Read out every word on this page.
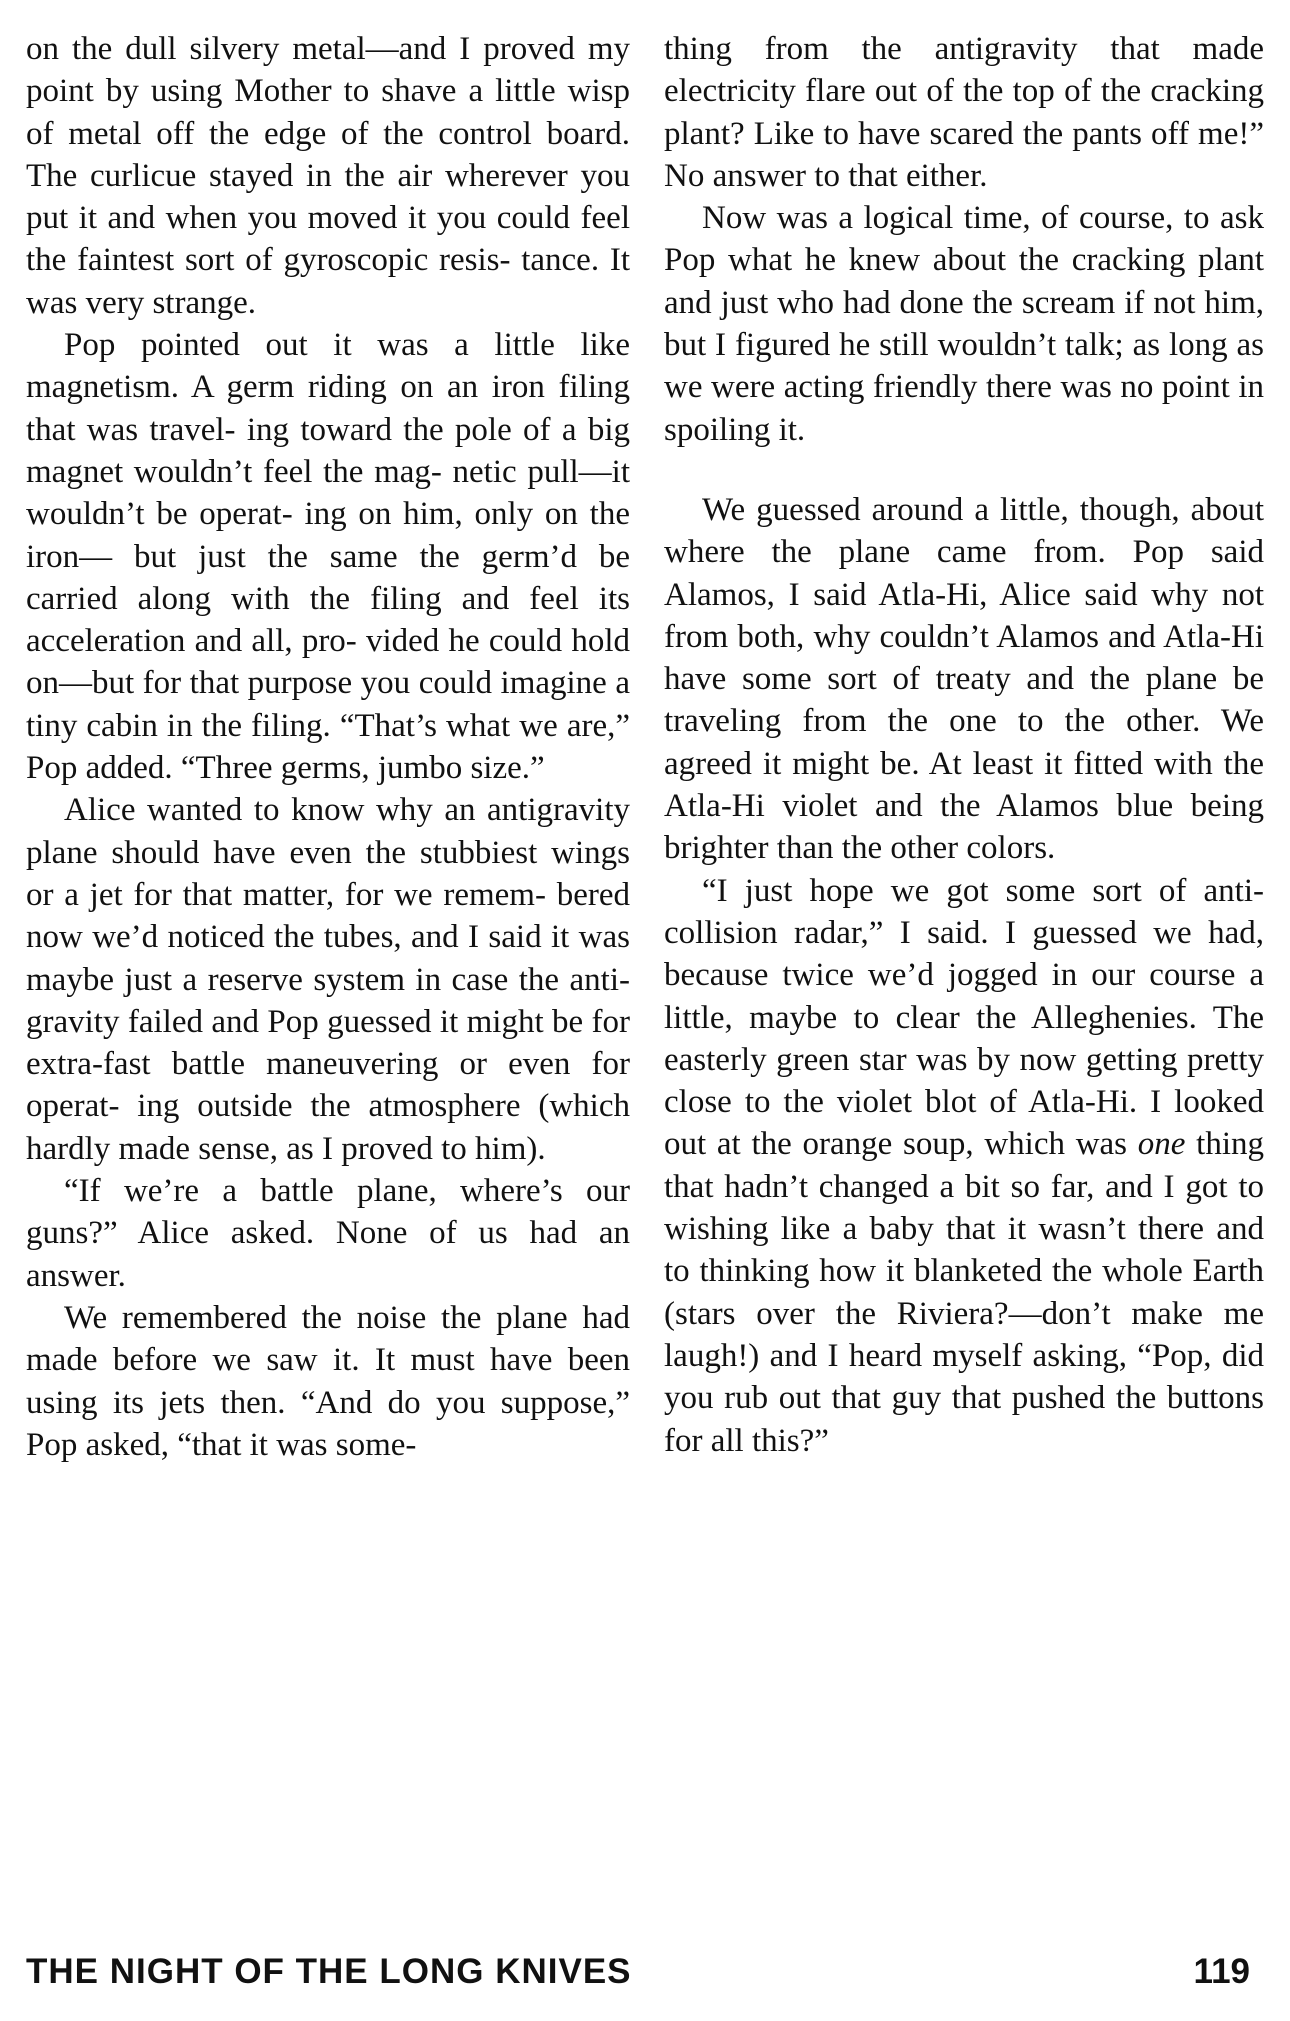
on the dull silvery metal—and I proved my point by using Mother to shave a little wisp of metal off the edge of the control board. The curlicue stayed in the air wherever you put it and when you moved it you could feel the faintest sort of gyroscopic resis- tance. It was very strange.

Pop pointed out it was a little like magnetism. A germ riding on an iron filing that was travel- ing toward the pole of a big magnet wouldn’t feel the mag- netic pull—it wouldn’t be operat- ing on him, only on the iron— but just the same the germ’d be carried along with the filing and feel its acceleration and all, pro- vided he could hold on—but for that purpose you could imagine a tiny cabin in the filing. “That’s what we are,” Pop added. “Three germs, jumbo size.”

Alice wanted to know why an antigravity plane should have even the stubbiest wings or a jet for that matter, for we remem- bered now we’d noticed the tubes, and I said it was maybe just a reserve system in case the anti- gravity failed and Pop guessed it might be for extra-fast battle maneuvering or even for operat- ing outside the atmosphere (which hardly made sense, as I proved to him).

“If we’re a battle plane, where’s our guns?” Alice asked. None of us had an answer.

We remembered the noise the plane had made before we saw it. It must have been using its jets then. “And do you suppose,” Pop asked, “that it was some-

thing from the antigravity that made electricity flare out of the top of the cracking plant? Like to have scared the pants off me!” No answer to that either.

Now was a logical time, of course, to ask Pop what he knew about the cracking plant and just who had done the scream if not him, but I figured he still wouldn’t talk; as long as we were acting friendly there was no point in spoiling it.

We guessed around a little, though, about where the plane came from. Pop said Alamos, I said Atla-Hi, Alice said why not from both, why couldn’t Alamos and Atla-Hi have some sort of treaty and the plane be traveling from the one to the other. We agreed it might be. At least it fitted with the Atla-Hi violet and the Alamos blue being brighter than the other colors.

“I just hope we got some sort of anti-collision radar,” I said. I guessed we had, because twice we’d jogged in our course a little, maybe to clear the Alleghenies. The easterly green star was by now getting pretty close to the violet blot of Atla-Hi. I looked out at the orange soup, which was one thing that hadn’t changed a bit so far, and I got to wishing like a baby that it wasn’t there and to thinking how it blanketed the whole Earth (stars over the Riviera?—don’t make me laugh!) and I heard myself asking, “Pop, did you rub out that guy that pushed the buttons for all this?”

THE NIGHT OF THE LONG KNIVES	119
